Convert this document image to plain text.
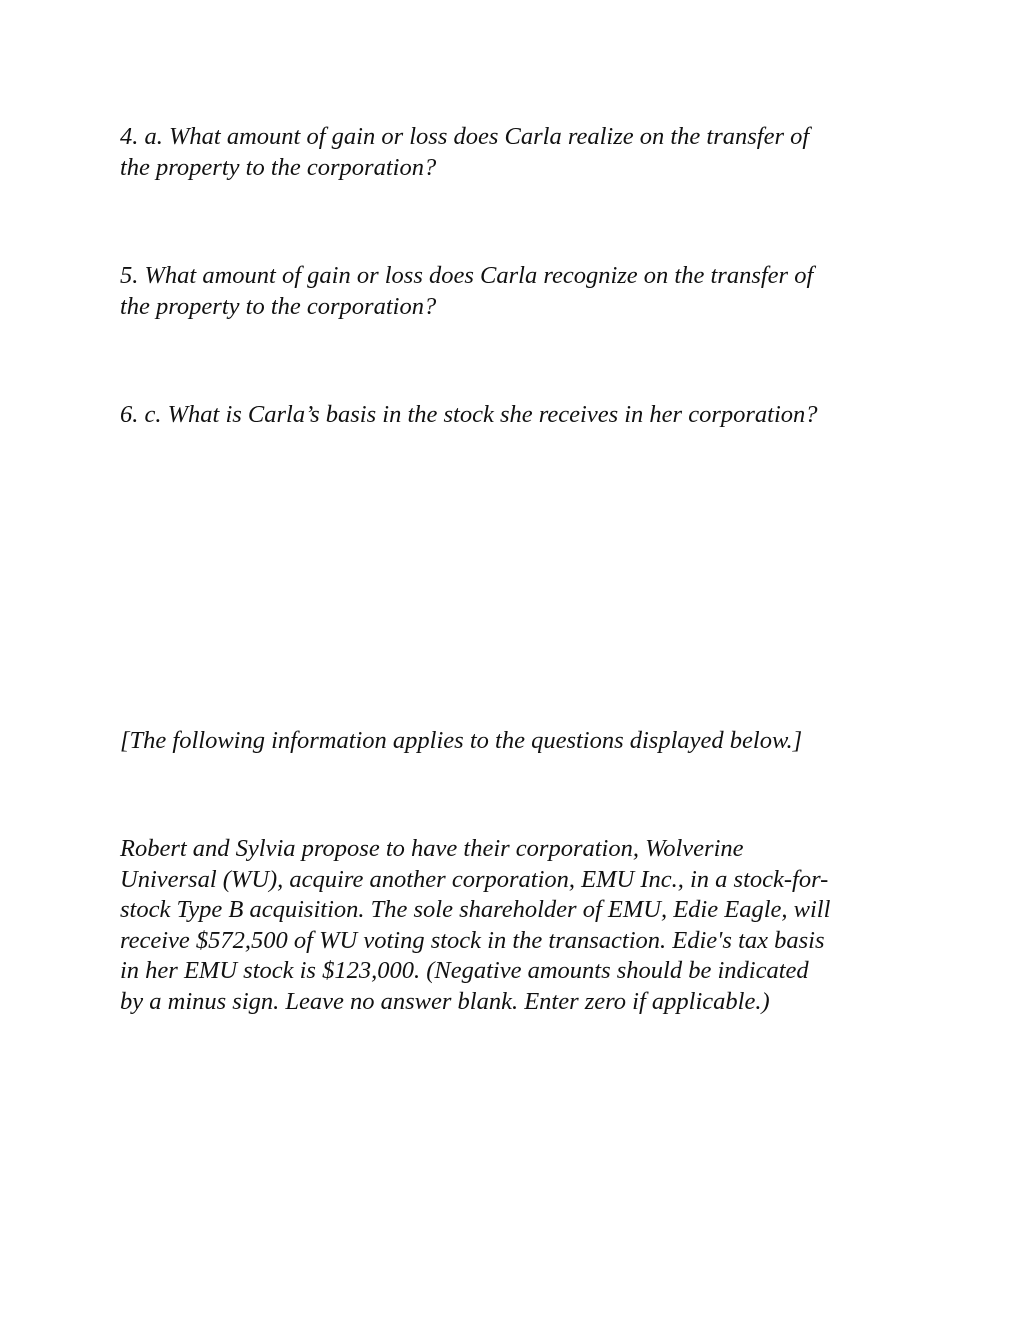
4. a. What amount of gain or loss does Carla realize on the transfer of
the property to the corporation?

5. What amount of gain or loss does Carla recognize on the transfer of
the property to the corporation?

6. c. What is Carla’s basis in the stock she receives in her corporation?

[The following information applies to the questions displayed below.]

Robert and Sylvia propose to have their corporation, Wolverine
Universal (WU), acquire another corporation, EMU Inc., in a stock-for-
stock Type B acquisition. The sole shareholder of EMU, Edie Eagle, will
receive $572,500 of WU voting stock in the transaction. Edie's tax basis
in her EMU stock is $123,000. (Negative amounts should be indicated
by a minus sign. Leave no answer blank. Enter zero if applicable.)
